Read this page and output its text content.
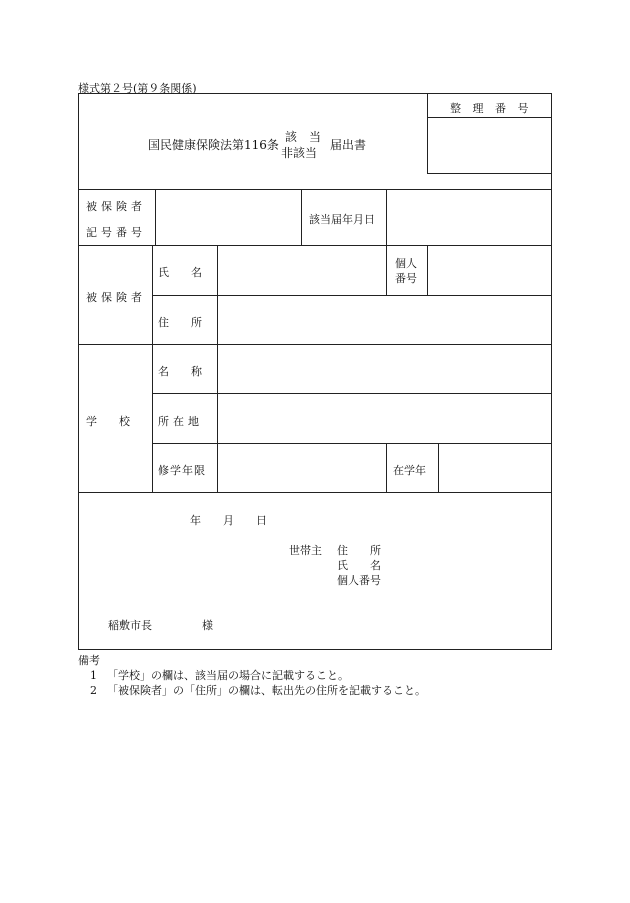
様式第２号(第９条関係)
国民健康保険法第116条
該　当
非該当
届出書
整 理 番 号
被保険者
記号番号
該当届年月日
被保険者
氏　　名
個人
番号
住　　所
学　　校
名　　称
所在地
修学年限	在学年
年　　月　　日
世帯主 住　　所
氏　　名
個人番号
稲敷市長	様
備考
1 「学校」の欄は、該当届の場合に記載すること。
2 「被保険者」の「住所」の欄は、転出先の住所を記載すること。
